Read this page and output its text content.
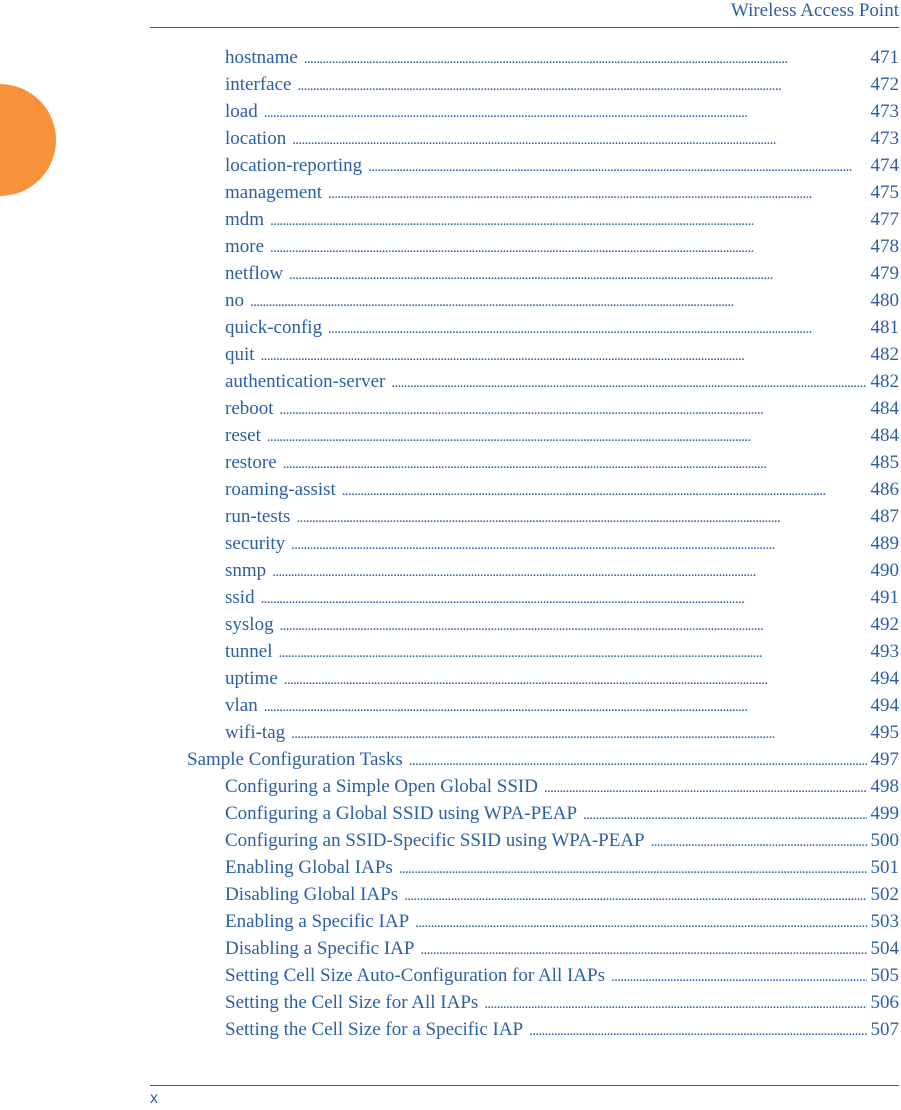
Wireless Access Point
hostname . . .	471
interface . . .	472
load . . .	473
location . . .	473
location-reporting . . .	474
management . . .	475
mdm . . .	477
more . . .	478
netflow . . .	479
no . . .	480
quick-config . . .	481
quit . . .	482
authentication-server . . .	482
reboot . . .	484
reset . . .	484
restore . . .	485
roaming-assist . . .	486
run-tests . . .	487
security . . .	489
snmp . . .	490
ssid . . .	491
syslog . . .	492
tunnel . . .	493
uptime . . .	494
vlan . . .	494
wifi-tag . . .	495
Sample Configuration Tasks . . .	497
Configuring a Simple Open Global SSID . . .	498
Configuring a Global SSID using WPA-PEAP . . .	499
Configuring an SSID-Specific SSID using WPA-PEAP . . .	500
Enabling Global IAPs . . .	501
Disabling Global IAPs . . .	502
Enabling a Specific IAP . . .	503
Disabling a Specific IAP . . .	504
Setting Cell Size Auto-Configuration for All IAPs . . .	505
Setting the Cell Size for All IAPs . . .	506
Setting the Cell Size for a Specific IAP . . .	507
x
